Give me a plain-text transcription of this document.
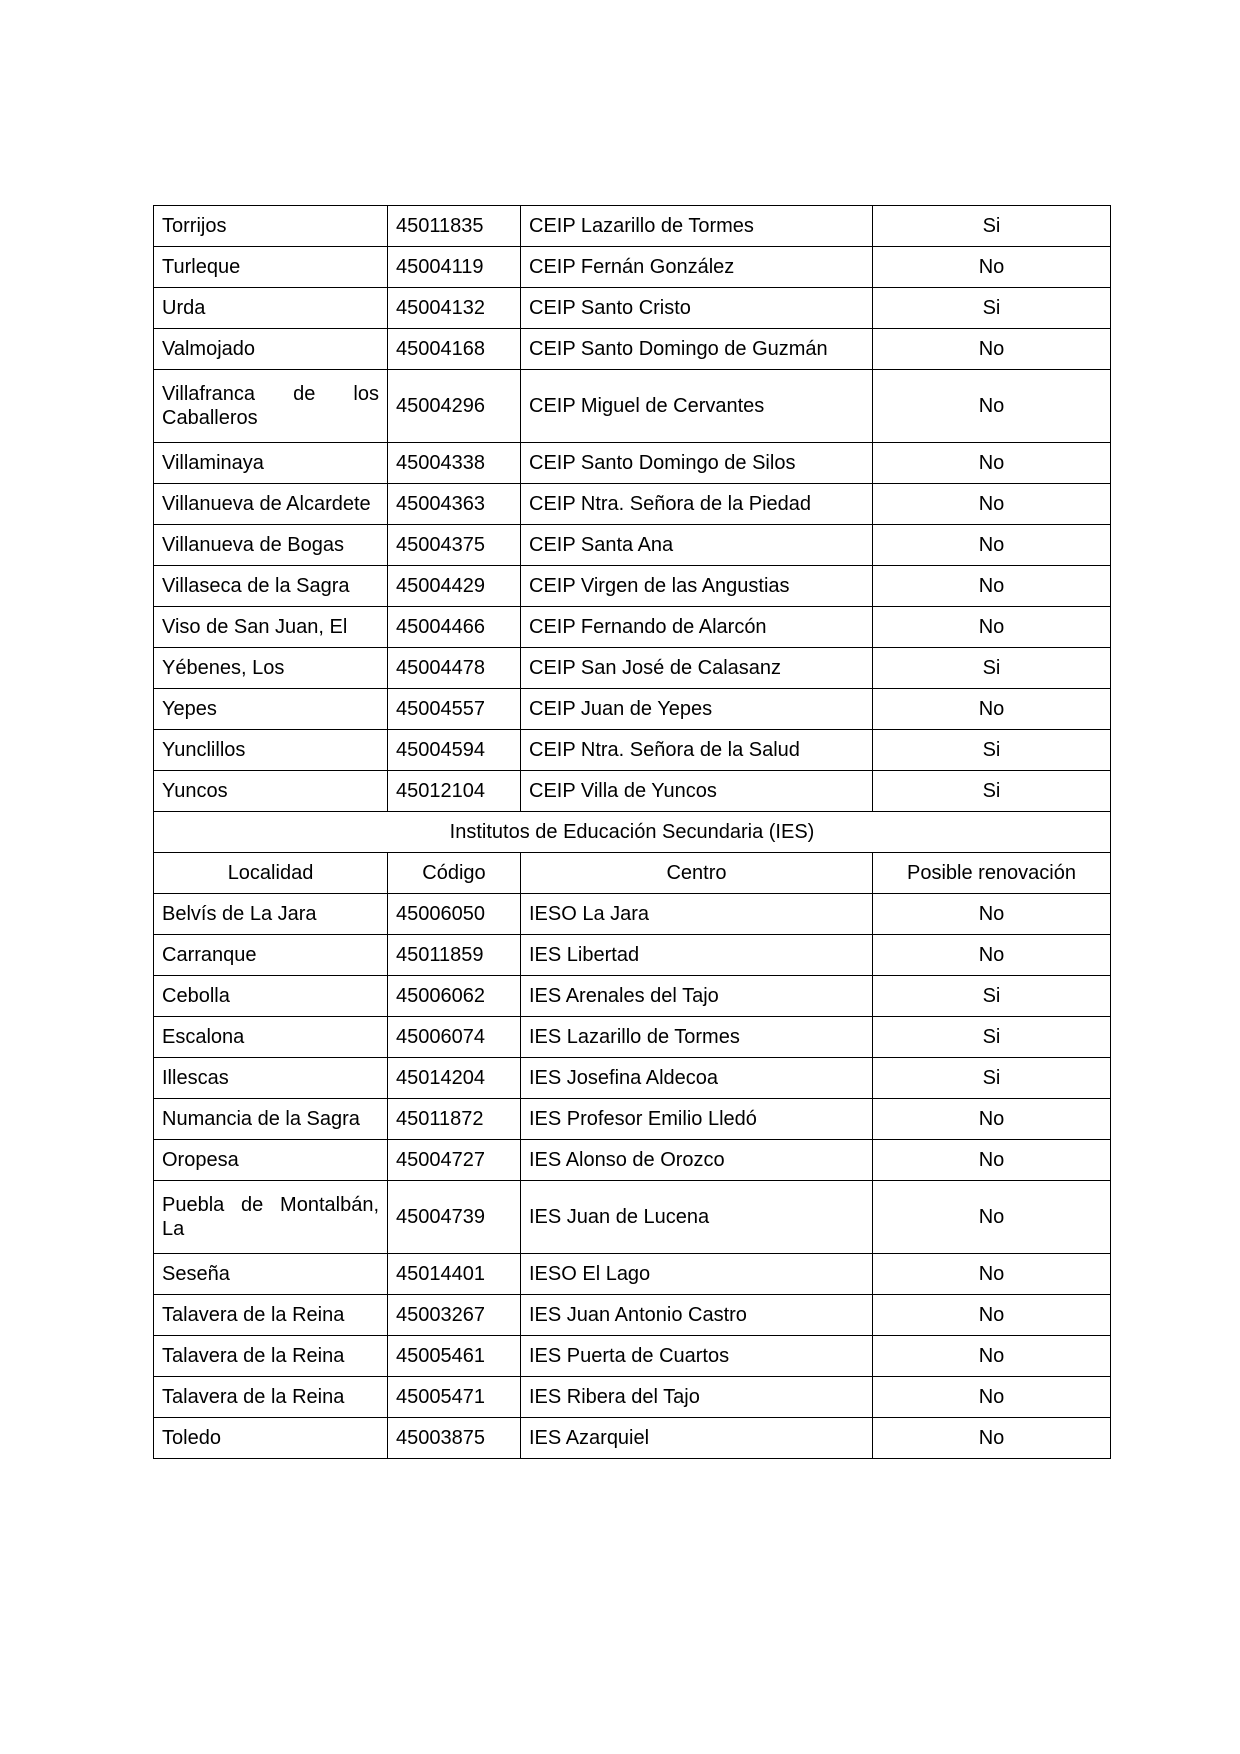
Torrijos	45011835	CEIP Lazarillo de Tormes	Si
Turleque	45004119	CEIP Fernán González	No
Urda	45004132	CEIP Santo Cristo	Si
Valmojado	45004168	CEIP Santo Domingo de Guzmán	No
Villafranca de los Caballeros	45004296	CEIP Miguel de Cervantes	No
Villaminaya	45004338	CEIP Santo Domingo de Silos	No
Villanueva de Alcardete	45004363	CEIP Ntra. Señora de la Piedad	No
Villanueva de Bogas	45004375	CEIP Santa Ana	No
Villaseca de la Sagra	45004429	CEIP Virgen de las Angustias	No
Viso de San Juan, El	45004466	CEIP Fernando de Alarcón	No
Yébenes, Los	45004478	CEIP San José de Calasanz	Si
Yepes	45004557	CEIP Juan de Yepes	No
Yunclillos	45004594	CEIP Ntra. Señora de la Salud	Si
Yuncos	45012104	CEIP Villa de Yuncos	Si
Institutos de Educación Secundaria (IES)			
Localidad	Código	Centro	Posible renovación
Belvís de La Jara	45006050	IESO La Jara	No
Carranque	45011859	IES Libertad	No
Cebolla	45006062	IES Arenales del Tajo	Si
Escalona	45006074	IES Lazarillo de Tormes	Si
Illescas	45014204	IES Josefina Aldecoa	Si
Numancia de la Sagra	45011872	IES Profesor Emilio Lledó	No
Oropesa	45004727	IES Alonso de Orozco	No
Puebla de Montalbán, La	45004739	IES Juan de Lucena	No
Seseña	45014401	IESO El Lago	No
Talavera de la Reina	45003267	IES Juan Antonio Castro	No
Talavera de la Reina	45005461	IES Puerta de Cuartos	No
Talavera de la Reina	45005471	IES Ribera del Tajo	No
Toledo	45003875	IES Azarquiel	No
